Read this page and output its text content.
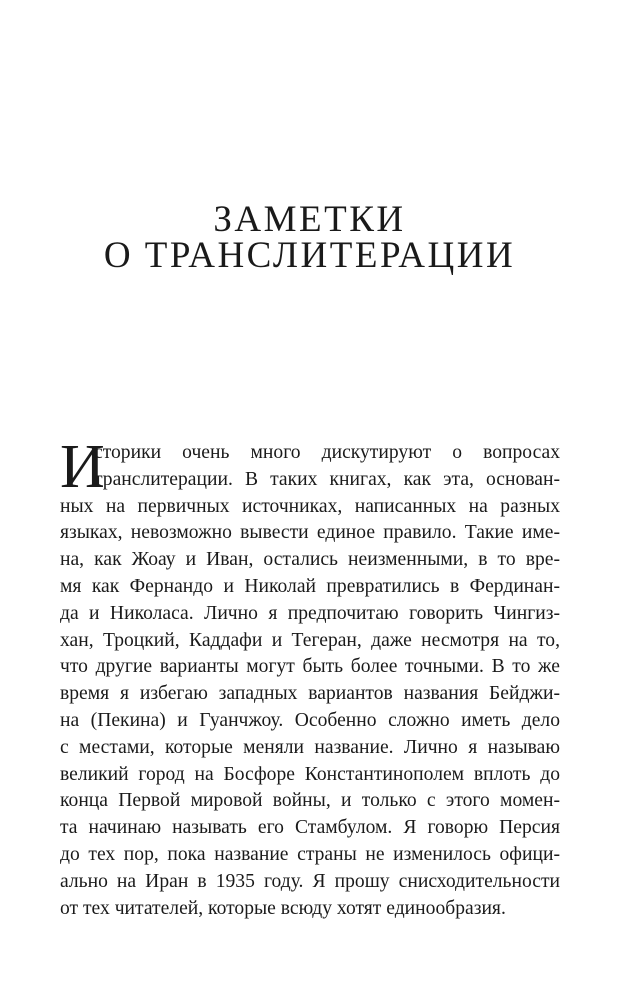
ЗАМЕТКИ
О ТРАНСЛИТЕРАЦИИ
И
сторики очень много дискутируют о вопросах
транслитерации. В таких книгах, как эта, основан-
ных на первичных источниках, написанных на разных
языках, невозможно вывести единое правило. Такие име-
на, как Жоау и Иван, остались неизменными, в то вре-
мя как Фернандо и Николай превратились в Фердинан-
да и Николаса. Лично я предпочитаю говорить Чингиз-
хан, Троцкий, Каддафи и Тегеран, даже несмотря на то,
что другие варианты могут быть более точными. В то же
время я избегаю западных вариантов названия Бейджи-
на (Пекина) и Гуанчжоу. Особенно сложно иметь дело
с местами, которые меняли название. Лично я называю
великий город на Босфоре Константинополем вплоть до
конца Первой мировой войны, и только с этого момен-
та начинаю называть его Стамбулом. Я говорю Персия
до тех пор, пока название страны не изменилось офици-
ально на Иран в 1935 году. Я прошу снисходительности
от тех читателей, которые всюду хотят единообразия.
